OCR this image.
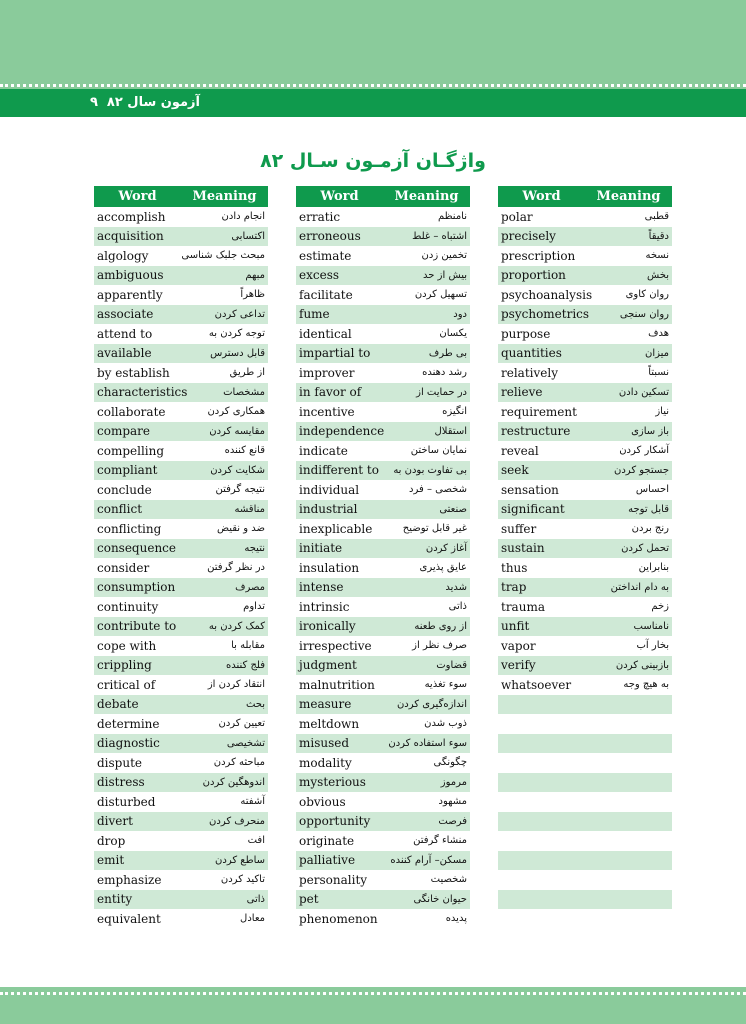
آزمون سال ۸۲
۹
واژگـان آزمـون سـال ۸۲
Word	Meaning
accomplish	انجام دادن
acquisition	اکتسابی
algology	مبحث جلبک شناسی
ambiguous	مبهم
apparently	ظاهراً
associate	تداعی کردن
attend to	توجه کردن به
available	قابل دسترس
by establish	از طریق
characteristics	مشخصات
collaborate	همکاری کردن
compare	مقایسه کردن
compelling	قانع کننده
compliant	شکایت کردن
conclude	نتیجه گرفتن
conflict	مناقشه
conflicting	ضد و نقیض
consequence	نتیجه
consider	در نظر گرفتن
consumption	مصرف
continuity	تداوم
contribute to	کمک کردن به
cope with	مقابله با
crippling	فلج کننده
critical of	انتقاد کردن از
debate	بحث
determine	تعیین کردن
diagnostic	تشخیصی
dispute	مباحثه کردن
distress	اندوهگین کردن
disturbed	آشفته
divert	منحرف کردن
drop	افت
emit	ساطع کردن
emphasize	تاکید کردن
entity	ذاتی
equivalent	معادل
Word	Meaning
erratic	نامنظم
erroneous	اشتباه – غلط
estimate	تخمین زدن
excess	بیش از حد
facilitate	تسهیل کردن
fume	دود
identical	یکسان
impartial to	بی طرف
improver	رشد دهنده
in favor of	در حمایت از
incentive	انگیزه
independence	استقلال
indicate	نمایان ساختن
indifferent to بی تفاوت بودن به
individual	شخصی – فرد
industrial	صنعتی
inexplicable	غیر قابل توضیح
initiate	آغاز کردن
insulation	عایق پذیری
intense	شدید
intrinsic	ذاتی
ironically	از روی طعنه
irrespective	صرف نظر از
judgment	قضاوت
malnutrition	سوء تغذیه
measure	اندازه‌گیری کردن
meltdown	ذوب شدن
misused	سوء استفاده کردن
modality	چگونگی
mysterious	مرموز
obvious	مشهود
opportunity	فرصت
originate	منشاء گرفتن
palliative	مسکن– آرام کننده
personality	شخصیت
pet	حیوان خانگی
phenomenon	پدیده
Word	Meaning
polar	قطبی
precisely	دقیقاً
prescription	نسخه
proportion	بخش
psychoanalysis	روان کاوی
psychometrics	روان سنجی
purpose	هدف
quantities	میزان
relatively	نسبتاً
relieve	تسکین دادن
requirement	نیاز
restructure	باز سازی
reveal	آشکار کردن
seek	جستجو کردن
sensation	احساس
significant	قابل توجه
suffer	رنج بردن
sustain	تحمل کردن
thus	بنابراین
trap	به دام انداختن
trauma	زخم
unfit	نامناسب
vapor	بخار آب
verify	بازبینی کردن
whatsoever	به هیچ وجه
